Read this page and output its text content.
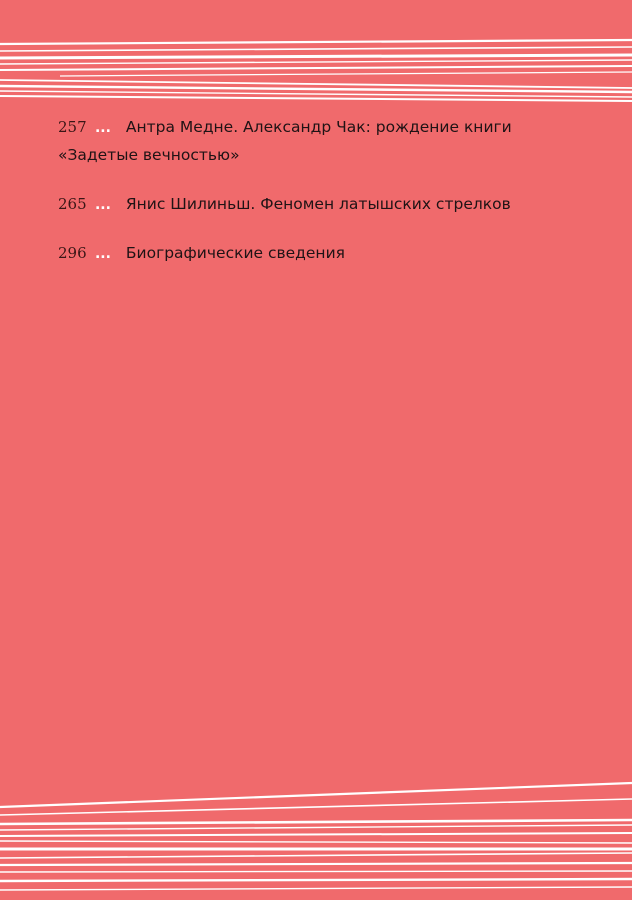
257 ... Антра Медне. Александр Чак: рождение книги
«Задетые вечностью»
265 ... Янис Шилиньш. Феномен латышских стрелков
296 ... Биографические сведения
